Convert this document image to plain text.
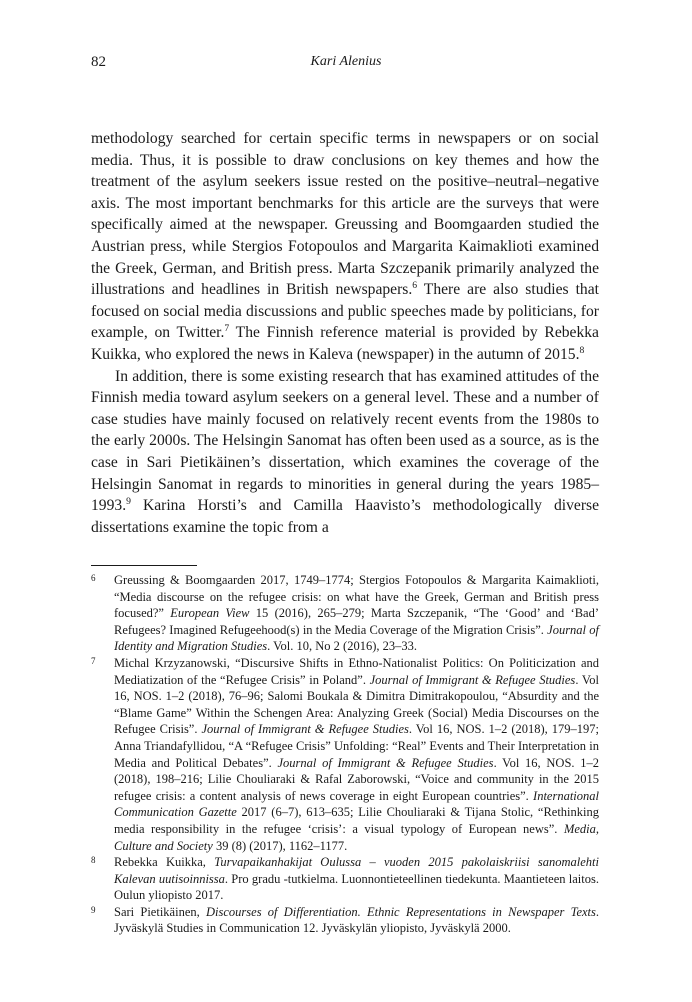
82	Kari Alenius

methodology searched for certain specific terms in newspapers or on social media. Thus, it is possible to draw conclusions on key themes and how the treatment of the asylum seekers issue rested on the positive–neutral–negative axis. The most important benchmarks for this article are the surveys that were specifically aimed at the newspaper. Greussing and Boomgaarden studied the Austrian press, while Stergios Fotopoulos and Margarita Kaimaklioti examined the Greek, German, and British press. Marta Szczepanik primarily analyzed the illustrations and headlines in British newspapers.$^6$ There are also studies that focused on social media discussions and public speeches made by politicians, for example, on Twitter.$^7$ The Finnish reference material is provided by Rebekka Kuikka, who explored the news in Kaleva (newspaper) in the autumn of 2015.$^8$

In addition, there is some existing research that has examined attitudes of the Finnish media toward asylum seekers on a general level. These and a number of case studies have mainly focused on relatively recent events from the 1980s to the early 2000s. The Helsingin Sanomat has often been used as a source, as is the case in Sari Pietikäinen’s dissertation, which examines the coverage of the Helsingin Sanomat in regards to minorities in general during the years 1985–1993.$^9$ Karina Horsti’s and Camilla Haavisto’s methodologically diverse dissertations examine the topic from a

6 Greussing & Boomgaarden 2017, 1749–1774; Stergios Fotopoulos & Margarita Kaimaklioti, “Media discourse on the refugee crisis: on what have the Greek, German and British press focused?” European View 15 (2016), 265–279; Marta Szczepanik, “The ‘Good’ and ‘Bad’ Refugees? Imagined Refugeehood(s) in the Media Coverage of the Migration Crisis”. Journal of Identity and Migration Studies. Vol. 10, No 2 (2016), 23–33.

7 Michal Krzyzanowski, “Discursive Shifts in Ethno-Nationalist Politics: On Politicization and Mediatization of the “Refugee Crisis” in Poland”. Journal of Immigrant & Refugee Studies. Vol 16, NOS. 1–2 (2018), 76–96; Salomi Boukala & Dimitra Dimitrakopoulou, “Absurdity and the “Blame Game” Within the Schengen Area: Analyzing Greek (Social) Media Discourses on the Refugee Crisis”. Journal of Immigrant & Refugee Studies. Vol 16, NOS. 1–2 (2018), 179–197; Anna Triandafyllidou, “A “Refugee Crisis” Unfolding: “Real” Events and Their Interpretation in Media and Political Debates”. Journal of Immigrant & Refugee Studies. Vol 16, NOS. 1–2 (2018), 198–216; Lilie Chouliaraki & Rafal Zaborowski, “Voice and community in the 2015 refugee crisis: a content analysis of news coverage in eight European countries”. International Communication Gazette 2017 (6–7), 613–635; Lilie Chouliaraki & Tijana Stolic, “Rethinking media responsibility in the refugee ‘crisis’: a visual typology of European news”. Media, Culture and Society 39 (8) (2017), 1162–1177.

8 Rebekka Kuikka, Turvapaikanhakijat Oulussa – vuoden 2015 pakolaiskriisi sanomalehti Kalevan uutisoinnissa. Pro gradu -tutkielma. Luonnontieteellinen tiedekunta. Maantieteen laitos. Oulun yliopisto 2017.

9 Sari Pietikäinen, Discourses of Differentiation. Ethnic Representations in Newspaper Texts. Jyväskylä Studies in Communication 12. Jyväskylän yliopisto, Jyväskylä 2000.
